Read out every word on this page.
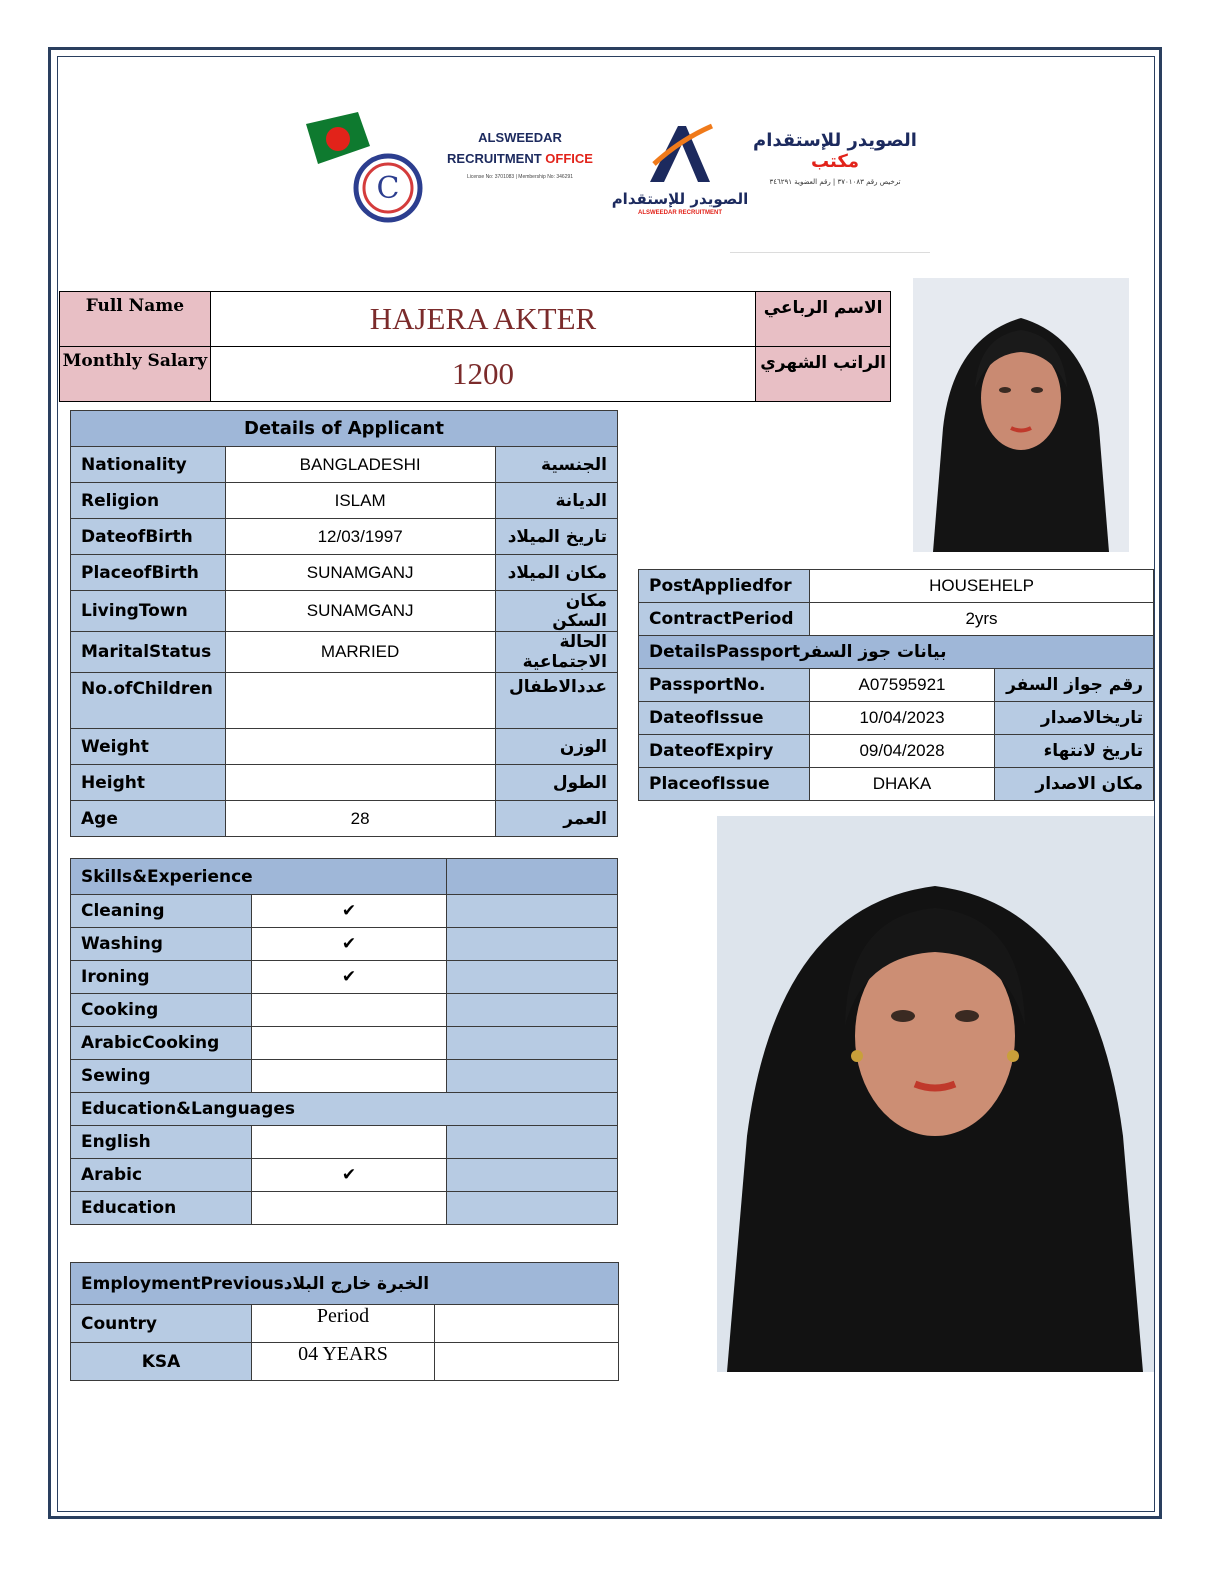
C
ALSWEEDAR
RECRUITMENT OFFICE
License No: 3701083 | Membership No: 346291
الصويدر للإستقدام
ALSWEEDAR RECRUITMENT
الصويدر للإستقدام مكتب
ترخيص رقم ٣٧٠١٠٨٣ | رقم العضوية ٣٤٦٢٩١
Full Name	HAJERA AKTER	الاسم الرباعي
Monthly Salary	1200	الراتب الشهري
Details of Applicant		
Nationality	BANGLADESHI	الجنسية
Religion	ISLAM	الديانة
DateofBirth	12/03/1997	تاريخ الميلاد
PlaceofBirth	SUNAMGANJ	مكان الميلاد
LivingTown	SUNAMGANJ	مكان السكن
MaritalStatus	MARRIED	الحالة الاجتماعية
No.ofChildren		عددالاطفال
Weight		الوزن
Height		الطول
Age	28	العمر
PostAppliedfor	HOUSEHELP	
ContractPeriod	2yrs	
DetailsPassportبيانات جوز السفر		
PassportNo.	A07595921	رقم جواز السفر
DateofIssue	10/04/2023	تاريخالاصدار
DateofExpiry	09/04/2028	تاريخ لانتهاء
PlaceofIssue	DHAKA	مكان الاصدار
Skills&Experience		
Cleaning	✔	
Washing	✔	
Ironing	✔	
Cooking		
ArabicCooking		
Sewing		
Education&Languages		
English		
Arabic	✔	
Education		
EmploymentPreviousالخبرة خارج البلاد		
Country	Period	
KSA	04 YEARS	
